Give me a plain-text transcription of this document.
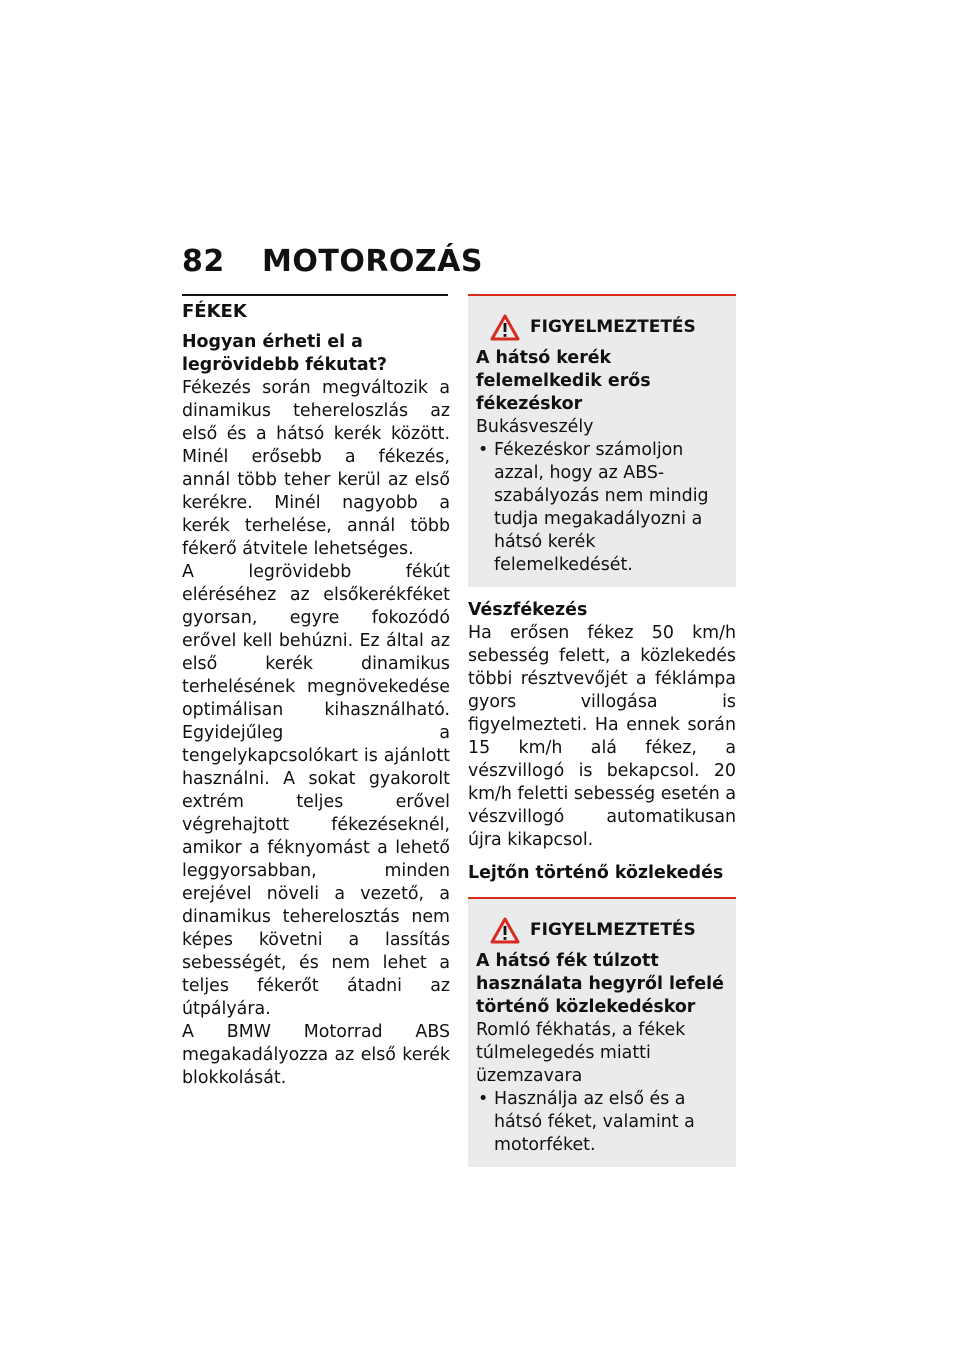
82 MOTOROZÁS

FÉKEK

Hogyan érheti el a legrövidebb fékutat?

Fékezés során megváltozik a dinamikus tehereloszlás az első és a hátsó kerék között. Minél erősebb a fékezés, annál több teher kerül az első kerékre. Minél nagyobb a kerék terhelése, annál több fékerő átvitele lehetséges.

A legrövidebb fékút eléréséhez az elsőkerékféket gyorsan, egyre fokozódó erővel kell behúzni. Ez által az első kerék dinamikus terhelésének megnövekedése optimálisan kihasználható. Egyidejűleg a tengelykapcsolókart is ajánlott használni. A sokat gyakorolt extrém teljes erővel végrehajtott fékezéseknél, amikor a féknyomást a lehető leggyorsabban, minden erejével növeli a vezető, a dinamikus teherelosztás nem képes követni a lassítás sebességét, és nem lehet a teljes fékerőt átadni az útpályára.

A BMW Motorrad ABS megakadályozza az első kerék blokkolását.

FIGYELMEZTETÉS

A hátsó kerék felemelkedik erős fékezéskor

Bukásveszély

• Fékezéskor számoljon azzal, hogy az ABS-szabályozás nem mindig tudja megakadályozni a hátsó kerék felemelkedését.

Vészfékezés

Ha erősen fékez 50 km/h sebesség felett, a közlekedés többi résztvevőjét a féklámpa gyors villogása is figyelmezteti. Ha ennek során 15 km/h alá fékez, a vészvillogó is bekapcsol. 20 km/h feletti sebesség esetén a vészvillogó automatikusan újra kikapcsol.

Lejtőn történő közlekedés

FIGYELMEZTETÉS

A hátsó fék túlzott használata hegyről lefelé történő közlekedéskor

Romló fékhatás, a fékek túlmelegedés miatti üzemzavara

• Használja az első és a hátsó féket, valamint a motorféket.
